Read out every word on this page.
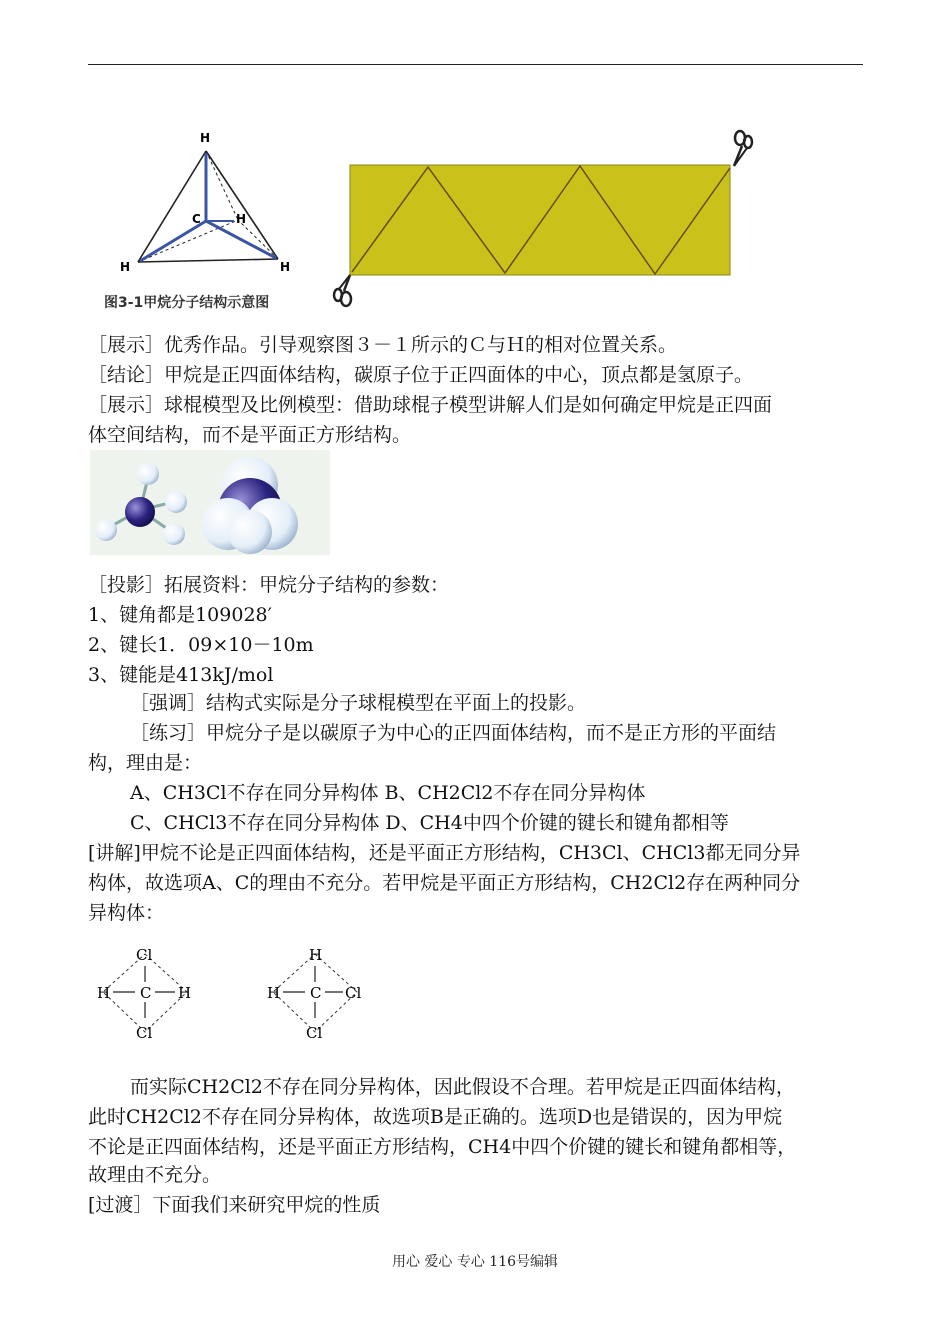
H
C	H
H	H
图3-1甲烷分子结构示意图
［展示］优秀作品。引导观察图３－１所示的Ｃ与Ｈ的相对位置关系。
［结论］甲烷是正四面体结构，碳原子位于正四面体的中心，顶点都是氢原子。
［展示］球棍模型及比例模型：借助球棍子模型讲解人们是如何确定甲烷是正四面
体空间结构，而不是平面正方形结构。
［投影］拓展资料：甲烷分子结构的参数：
1、键角都是109028′
2、键长1．09×10－10m
3、键能是413kJ/mol
［强调］结构式实际是分子球棍模型在平面上的投影。
［练习］甲烷分子是以碳原子为中心的正四面体结构，而不是正方形的平面结
构，理由是：
A、CH3Cl不存在同分异构体 B、CH2Cl2不存在同分异构体
C、CHCl3不存在同分异构体 D、CH4中四个价键的键长和键角都相等
[讲解]甲烷不论是正四面体结构，还是平面正方形结构，CH3Cl、CHCl3都无同分异
构体，故选项A、C的理由不充分。若甲烷是平面正方形结构，CH2Cl2存在两种同分
异构体：
Cl
H C H
Cl
H
H C Cl
Cl
而实际CH2Cl2不存在同分异构体，因此假设不合理。若甲烷是正四面体结构，
此时CH2Cl2不存在同分异构体，故选项B是正确的。选项D也是错误的，因为甲烷
不论是正四面体结构，还是平面正方形结构，CH4中四个价键的键长和键角都相等，
故理由不充分。
[过渡］下面我们来研究甲烷的性质
用心 爱心 专心 116号编辑
